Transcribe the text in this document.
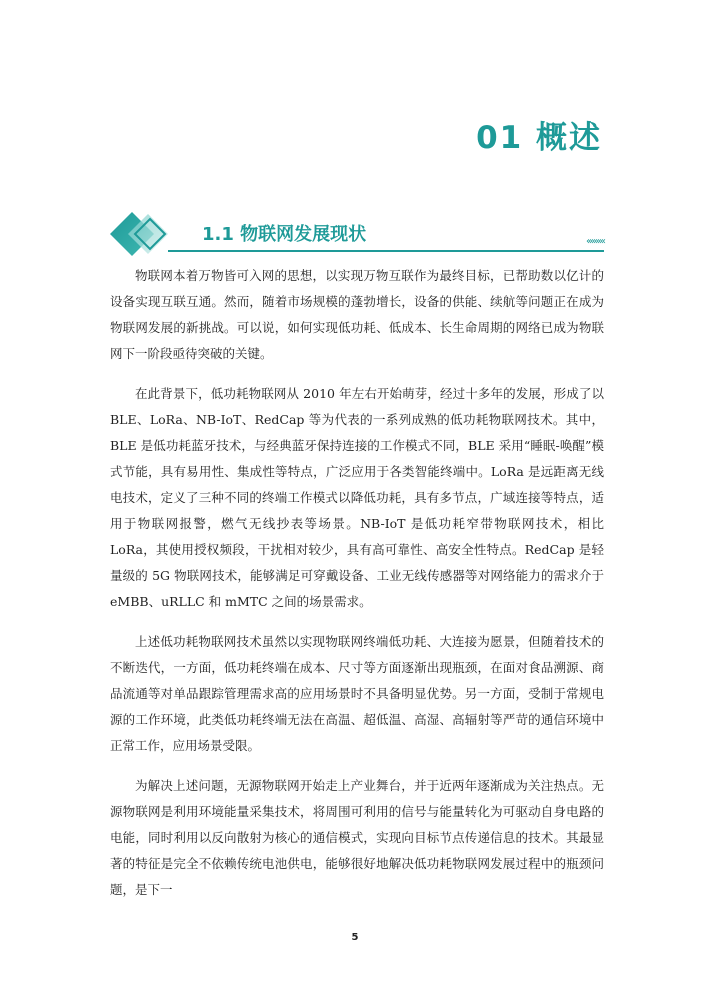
01 概述
1.1 物联网发展现状	‹‹‹‹‹‹‹‹‹

物联网本着万物皆可入网的思想，以实现万物互联作为最终目标，已帮助数以亿计的设备实现互联互通。然而，随着市场规模的蓬勃增长，设备的供能、续航等问题正在成为物联网发展的新挑战。可以说，如何实现低功耗、低成本、长生命周期的网络已成为物联网下一阶段亟待突破的关键。

在此背景下，低功耗物联网从 2010 年左右开始萌芽，经过十多年的发展，形成了以 BLE、LoRa、NB-IoT、RedCap 等为代表的一系列成熟的低功耗物联网技术。其中，BLE 是低功耗蓝牙技术，与经典蓝牙保持连接的工作模式不同，BLE 采用“睡眠-唤醒”模式节能，具有易用性、集成性等特点，广泛应用于各类智能终端中。LoRa 是远距离无线电技术，定义了三种不同的终端工作模式以降低功耗，具有多节点，广域连接等特点，适用于物联网报警，燃气无线抄表等场景。NB-IoT 是低功耗窄带物联网技术，相比 LoRa，其使用授权频段，干扰相对较少，具有高可靠性、高安全性特点。RedCap 是轻量级的 5G 物联网技术，能够满足可穿戴设备、工业无线传感器等对网络能力的需求介于 eMBB、uRLLC 和 mMTC 之间的场景需求。

上述低功耗物联网技术虽然以实现物联网终端低功耗、大连接为愿景，但随着技术的不断迭代，一方面，低功耗终端在成本、尺寸等方面逐渐出现瓶颈，在面对食品溯源、商品流通等对单品跟踪管理需求高的应用场景时不具备明显优势。另一方面，受制于常规电源的工作环境，此类低功耗终端无法在高温、超低温、高湿、高辐射等严苛的通信环境中正常工作，应用场景受限。

为解决上述问题，无源物联网开始走上产业舞台，并于近两年逐渐成为关注热点。无源物联网是利用环境能量采集技术，将周围可利用的信号与能量转化为可驱动自身电路的电能，同时利用以反向散射为核心的通信模式，实现向目标节点传递信息的技术。其最显著的特征是完全不依赖传统电池供电，能够很好地解决低功耗物联网发展过程中的瓶颈问题，是下一

5
